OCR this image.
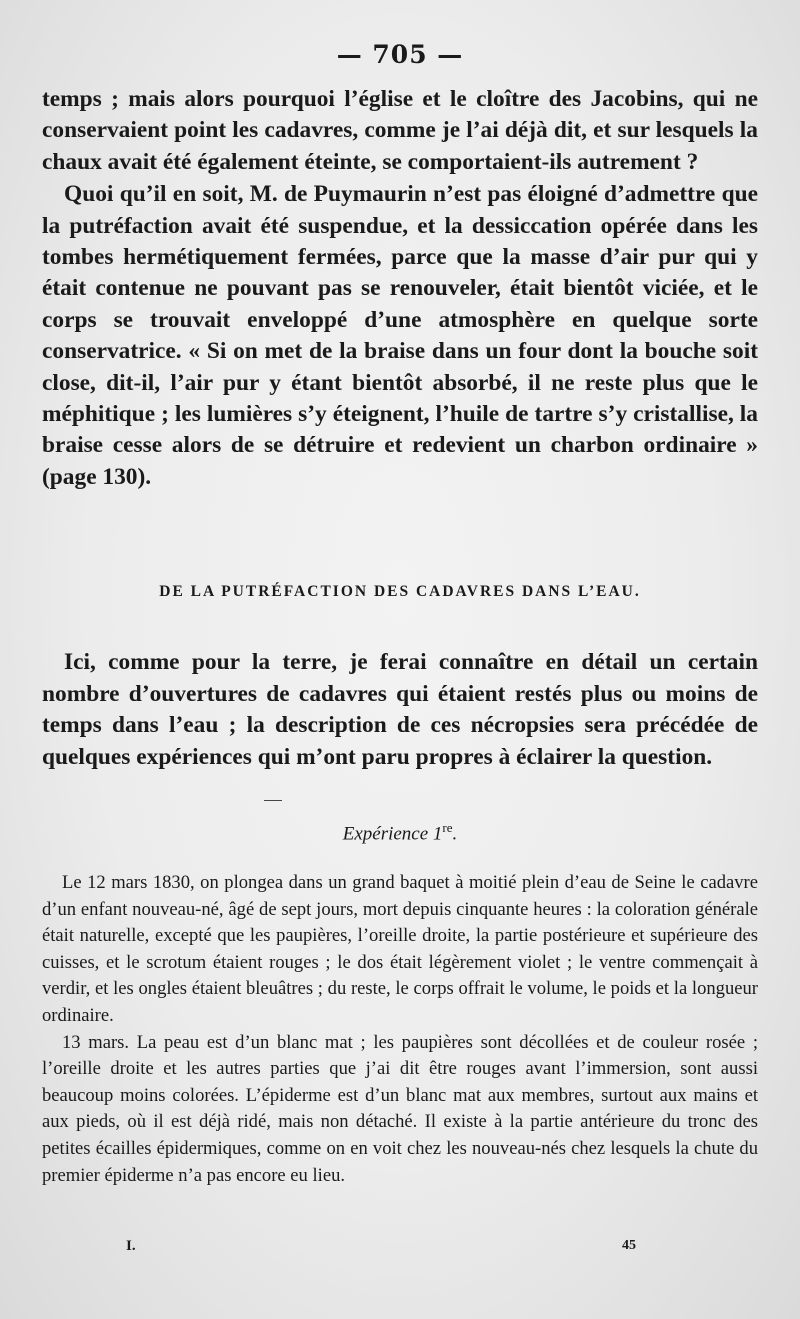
— 705 —

temps ; mais alors pourquoi l’église et le cloître des Jacobins, qui ne conservaient point les cadavres, comme je l’ai déjà dit, et sur lesquels la chaux avait été également éteinte, se comportaient-ils autrement ?

Quoi qu’il en soit, M. de Puymaurin n’est pas éloigné d’admettre que la putréfaction avait été suspendue, et la dessiccation opérée dans les tombes hermétiquement fermées, parce que la masse d’air pur qui y était contenue ne pouvant pas se renouveler, était bientôt viciée, et le corps se trouvait enveloppé d’une atmosphère en quelque sorte conservatrice. « Si on met de la braise dans un four dont la bouche soit close, dit-il, l’air pur y étant bientôt absorbé, il ne reste plus que le méphitique ; les lumières s’y éteignent, l’huile de tartre s’y cristallise, la braise cesse alors de se détruire et redevient un charbon ordinaire » (page 130).

DE LA PUTRÉFACTION DES CADAVRES DANS L’EAU.

Ici, comme pour la terre, je ferai connaître en détail un certain nombre d’ouvertures de cadavres qui étaient restés plus ou moins de temps dans l’eau ; la description de ces nécropsies sera précédée de quelques expériences qui m’ont paru propres à éclairer la question.

Expérience 1re.

Le 12 mars 1830, on plongea dans un grand baquet à moitié plein d’eau de Seine le cadavre d’un enfant nouveau-né, âgé de sept jours, mort depuis cinquante heures : la coloration générale était naturelle, excepté que les paupières, l’oreille droite, la partie postérieure et supérieure des cuisses, et le scrotum étaient rouges ; le dos était légèrement violet ; le ventre commençait à verdir, et les ongles étaient bleuâtres ; du reste, le corps offrait le volume, le poids et la longueur ordinaire.

13 mars. La peau est d’un blanc mat ; les paupières sont décollées et de couleur rosée ; l’oreille droite et les autres parties que j’ai dit être rouges avant l’immersion, sont aussi beaucoup moins colorées. L’épiderme est d’un blanc mat aux membres, surtout aux mains et aux pieds, où il est déjà ridé, mais non détaché. Il existe à la partie antérieure du tronc des petites écailles épidermiques, comme on en voit chez les nouveau-nés chez lesquels la chute du premier épiderme n’a pas encore eu lieu.

I.	45
